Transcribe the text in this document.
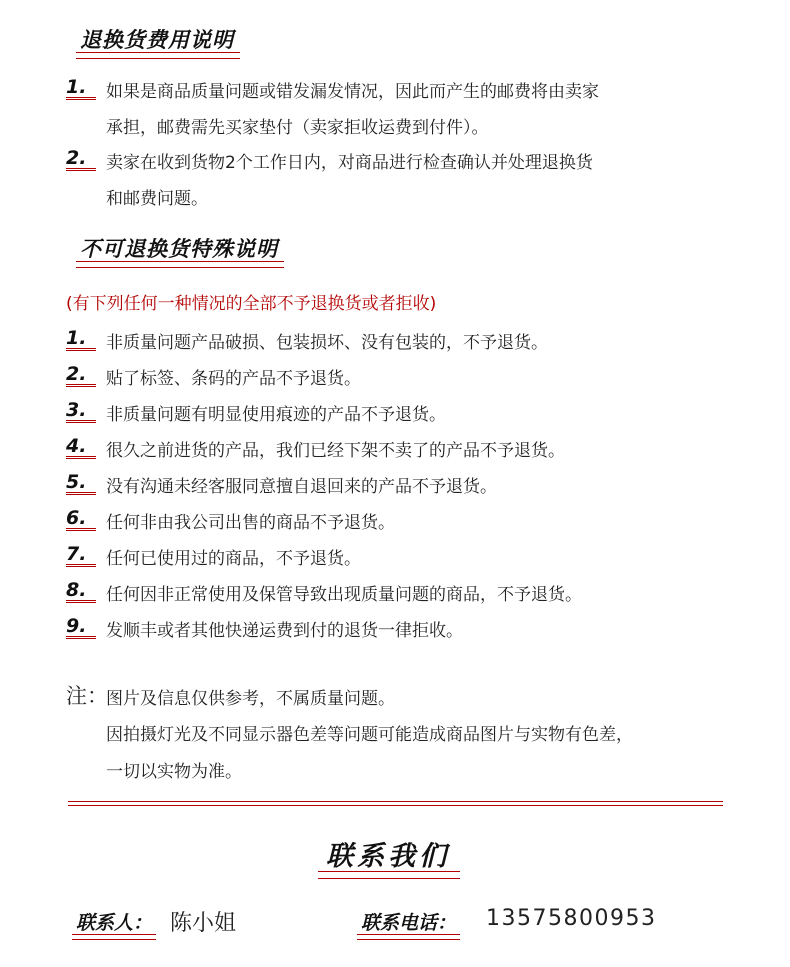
退换货费用说明
1.	如果是商品质量问题或错发漏发情况，因此而产生的邮费将由卖家
承担，邮费需先买家垫付（卖家拒收运费到付件）。
2.	卖家在收到货物2个工作日内，对商品进行检查确认并处理退换货
和邮费问题。
不可退换货特殊说明
(有下列任何一种情况的全部不予退换货或者拒收)
1.	非质量问题产品破损、包装损坏、没有包装的，不予退货。
2.	贴了标签、条码的产品不予退货。
3.	非质量问题有明显使用痕迹的产品不予退货。
4.	很久之前进货的产品，我们已经下架不卖了的产品不予退货。
5.	没有沟通未经客服同意擅自退回来的产品不予退货。
6.	任何非由我公司出售的商品不予退货。
7.	任何已使用过的商品，不予退货。
8.	任何因非正常使用及保管导致出现质量问题的商品，不予退货。
9.	发顺丰或者其他快递运费到付的退货一律拒收。
注：
图片及信息仅供参考，不属质量问题。
因拍摄灯光及不同显示器色差等问题可能造成商品图片与实物有色差，
一切以实物为准。
联系我们
联系人： 陈小姐	联系电话： 13575800953
